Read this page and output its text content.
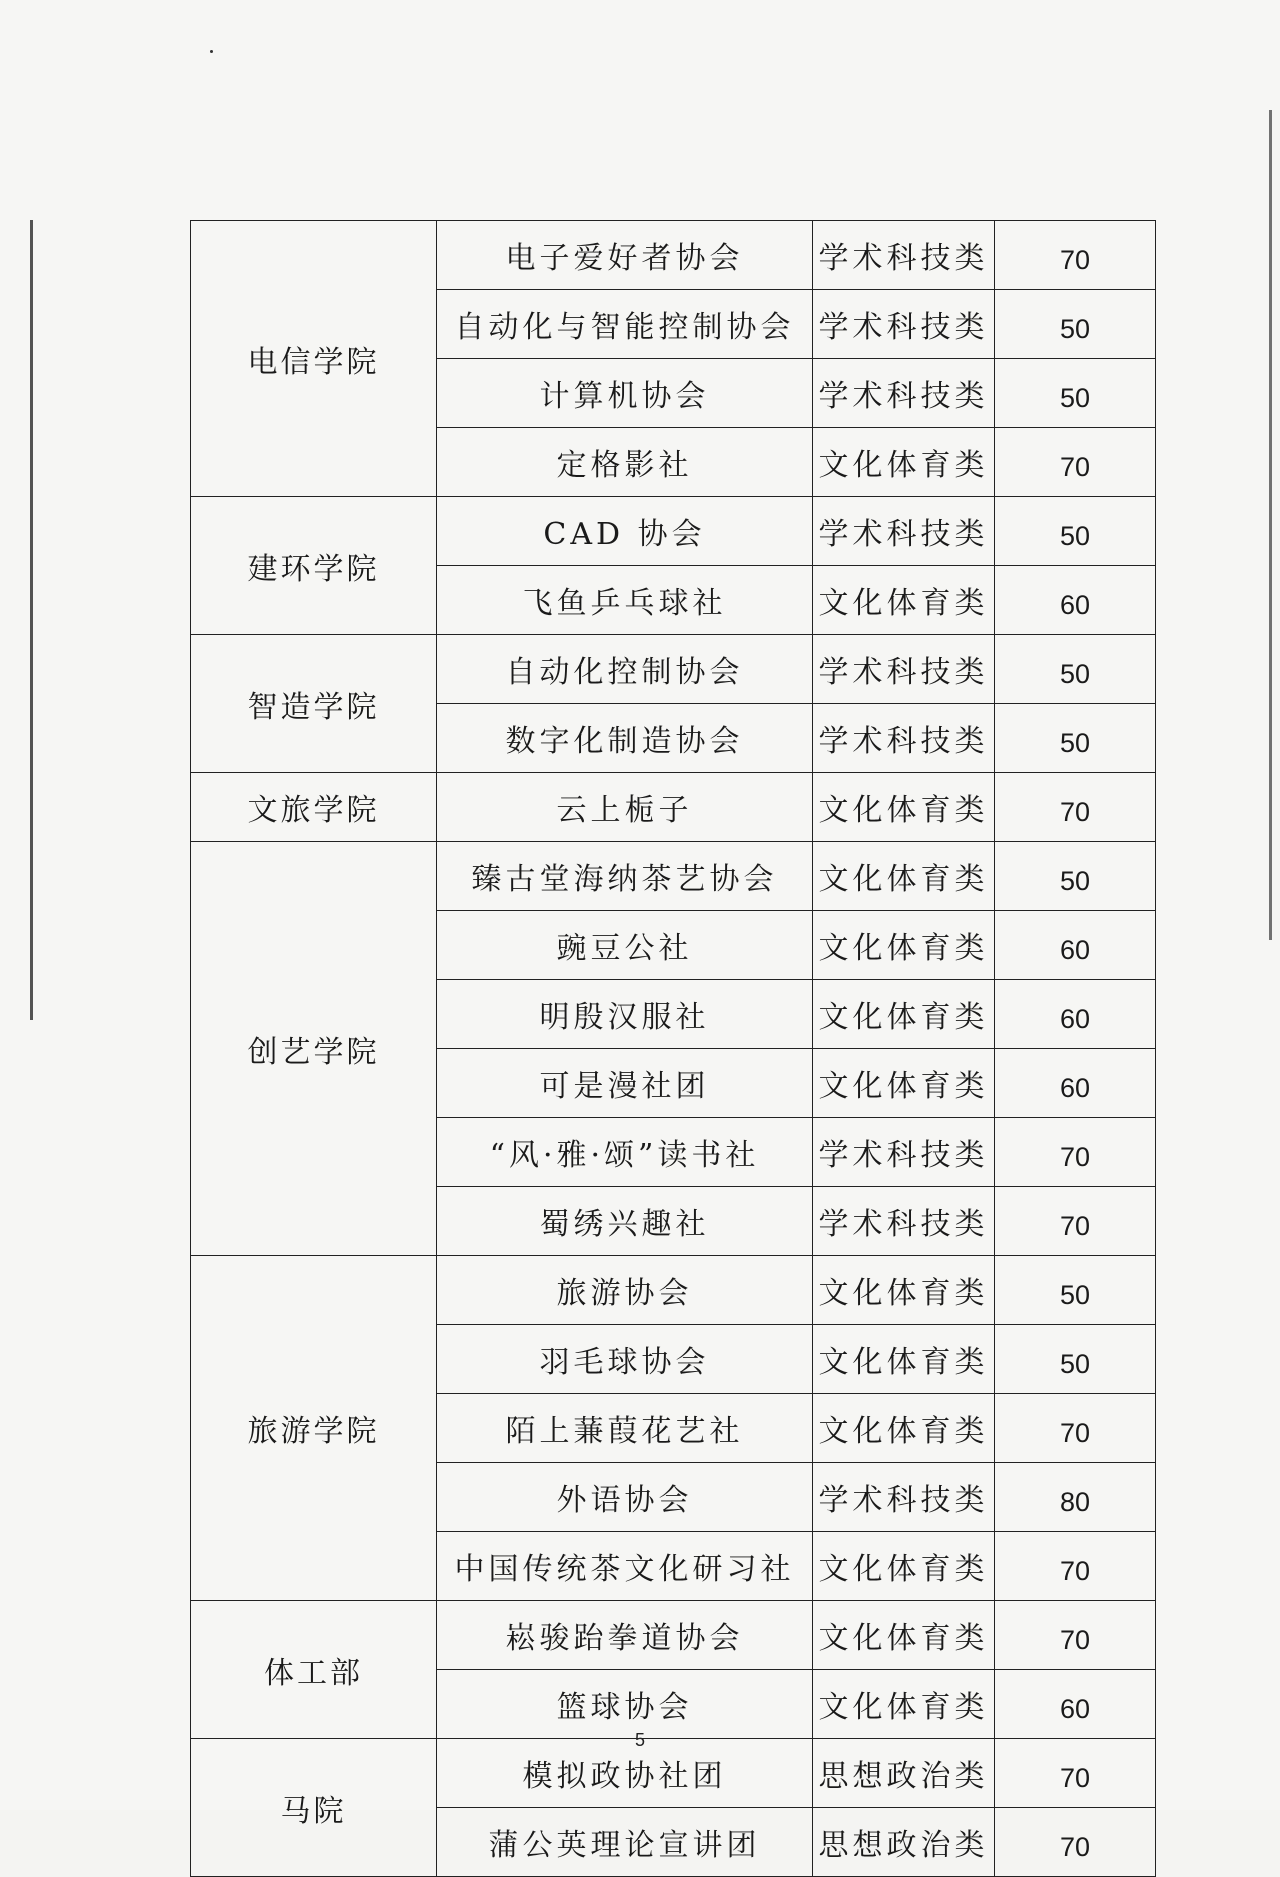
电信学院	电子爱好者协会	学术科技类	70
	自动化与智能控制协会	学术科技类	50
	计算机协会	学术科技类	50
	定格影社	文化体育类	70
建环学院	CAD 协会	学术科技类	50
	飞鱼乒乓球社	文化体育类	60
智造学院	自动化控制协会	学术科技类	50
	数字化制造协会	学术科技类	50
文旅学院	云上栀子	文化体育类	70
创艺学院	臻古堂海纳茶艺协会	文化体育类	50
	豌豆公社	文化体育类	60
	明殷汉服社	文化体育类	60
	可是漫社团	文化体育类	60
	“风·雅·颂”读书社	学术科技类	70
	蜀绣兴趣社	学术科技类	70
旅游学院	旅游协会	文化体育类	50
	羽毛球协会	文化体育类	50
	陌上蒹葭花艺社	文化体育类	70
	外语协会	学术科技类	80
	中国传统茶文化研习社	文化体育类	70
体工部	崧骏跆拳道协会	文化体育类	70
	篮球协会	文化体育类	60
马院	模拟政协社团	思想政治类	70
	蒲公英理论宣讲团	思想政治类	70
5
